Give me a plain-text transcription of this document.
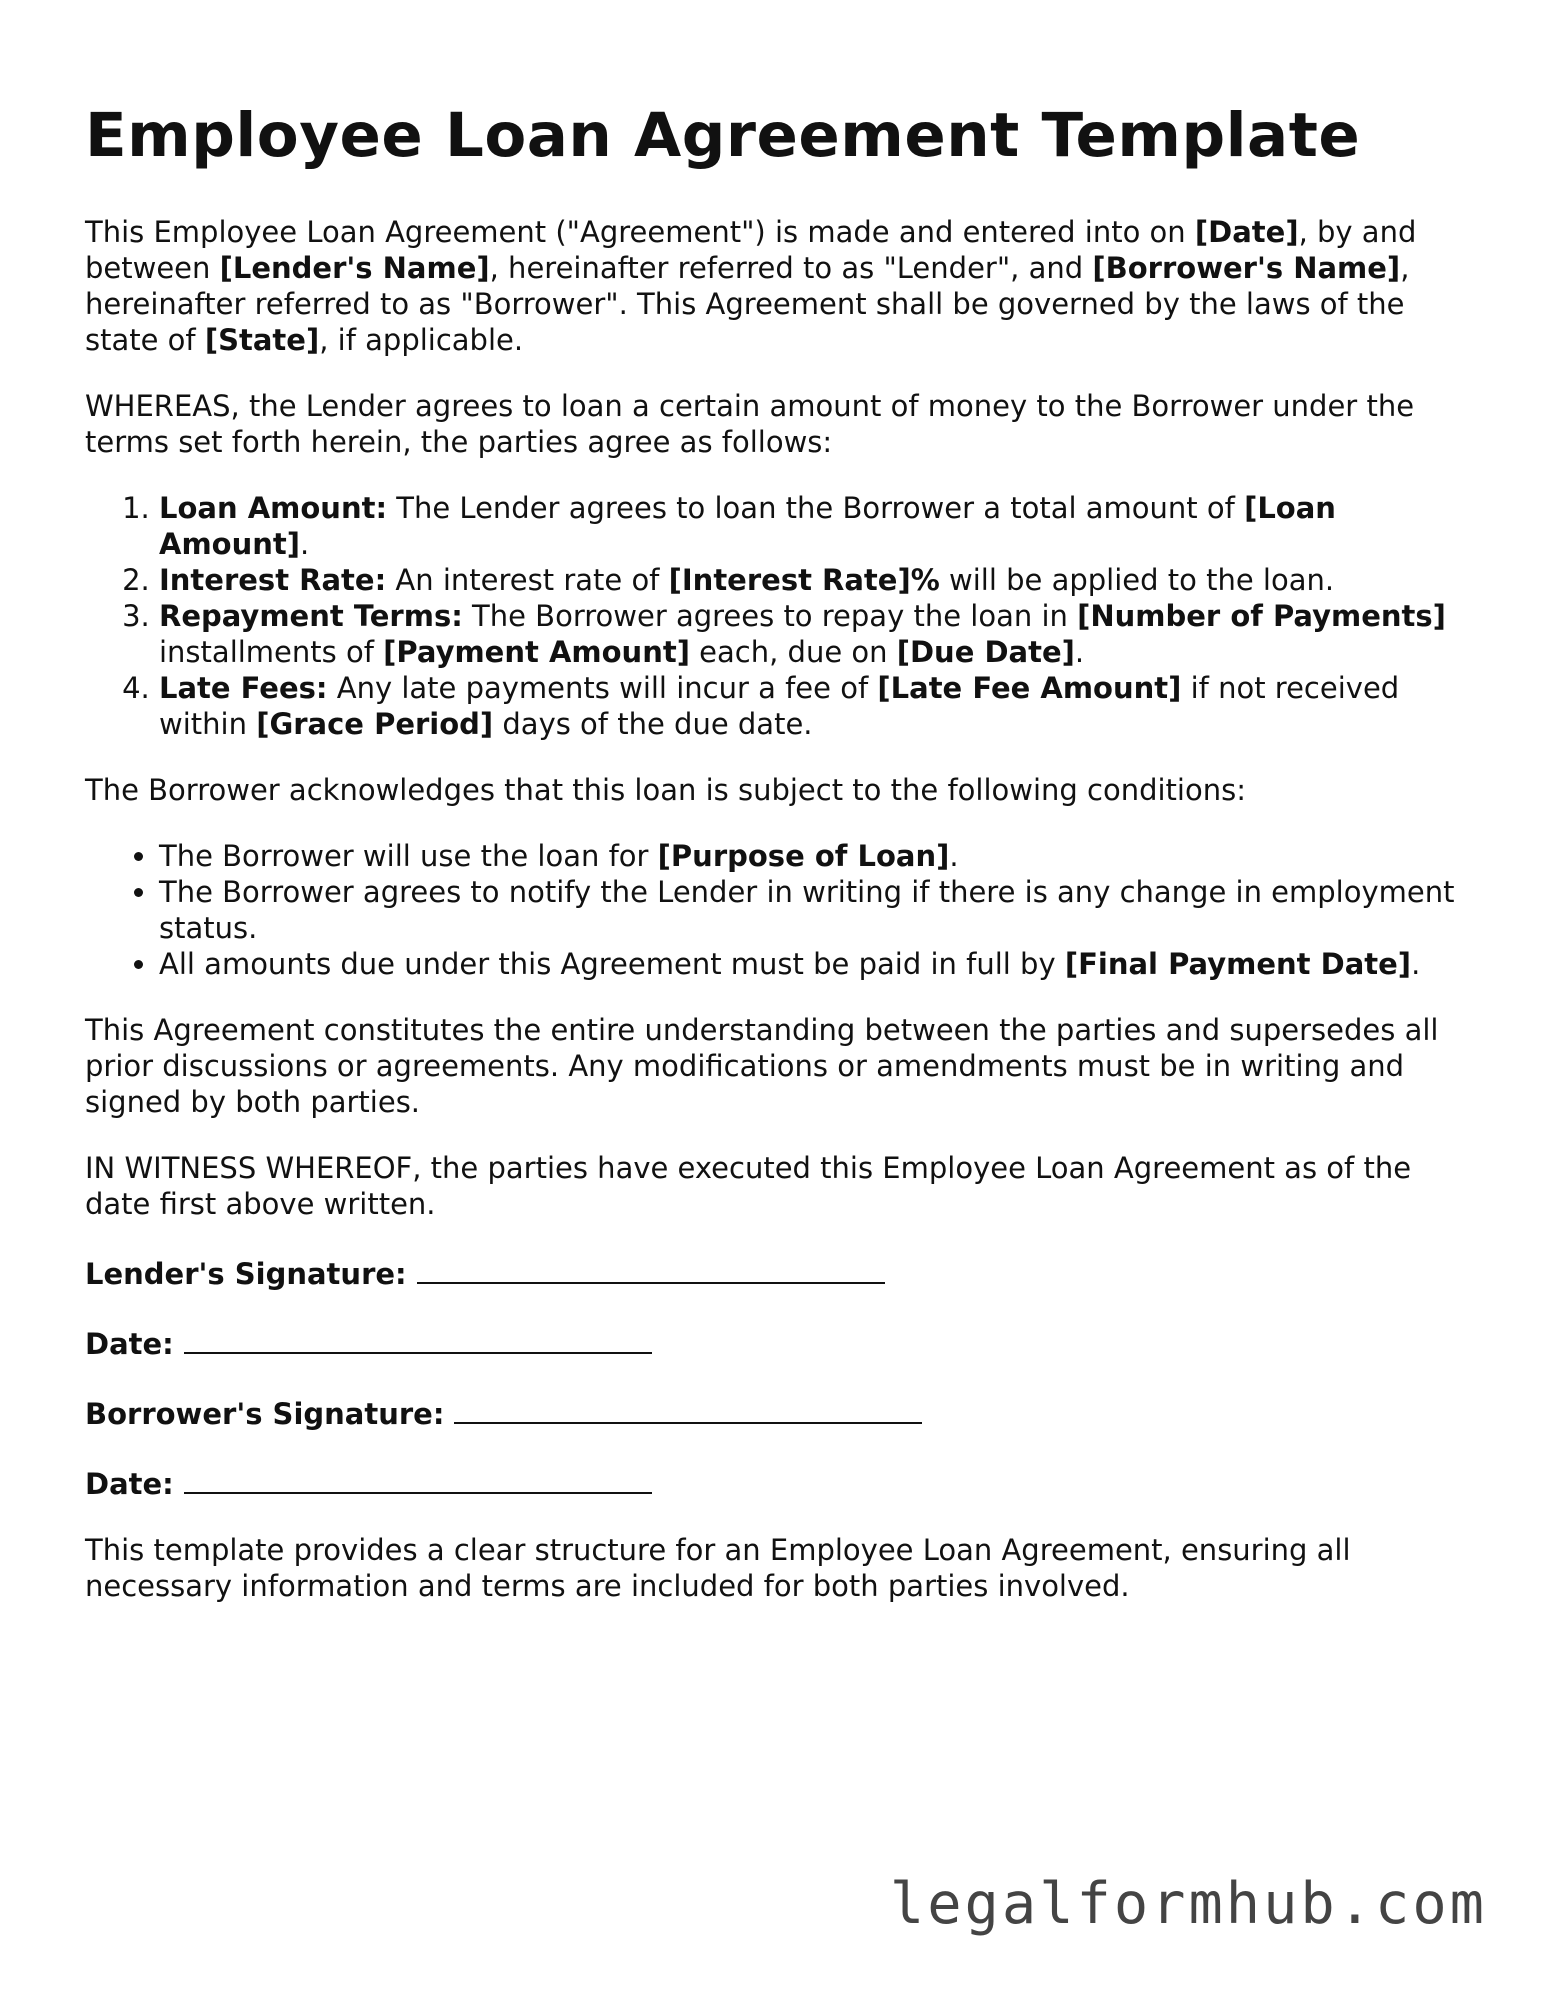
Employee Loan Agreement Template

This Employee Loan Agreement ("Agreement") is made and entered into on [Date], by and between [Lender's Name], hereinafter referred to as "Lender", and [Borrower's Name], hereinafter referred to as "Borrower". This Agreement shall be governed by the laws of the state of [State], if applicable.

WHEREAS, the Lender agrees to loan a certain amount of money to the Borrower under the terms set forth herein, the parties agree as follows:

1. Loan Amount: The Lender agrees to loan the Borrower a total amount of [Loan Amount].
2. Interest Rate: An interest rate of [Interest Rate]% will be applied to the loan.
3. Repayment Terms: The Borrower agrees to repay the loan in [Number of Payments] installments of [Payment Amount] each, due on [Due Date].
4. Late Fees: Any late payments will incur a fee of [Late Fee Amount] if not received within [Grace Period] days of the due date.

The Borrower acknowledges that this loan is subject to the following conditions:

• The Borrower will use the loan for [Purpose of Loan].
• The Borrower agrees to notify the Lender in writing if there is any change in employment status.
• All amounts due under this Agreement must be paid in full by [Final Payment Date].

This Agreement constitutes the entire understanding between the parties and supersedes all prior discussions or agreements. Any modifications or amendments must be in writing and signed by both parties.

IN WITNESS WHEREOF, the parties have executed this Employee Loan Agreement as of the date first above written.

Lender's Signature:
Date:
Borrower's Signature:
Date:

This template provides a clear structure for an Employee Loan Agreement, ensuring all necessary information and terms are included for both parties involved.

legalformhub.com
